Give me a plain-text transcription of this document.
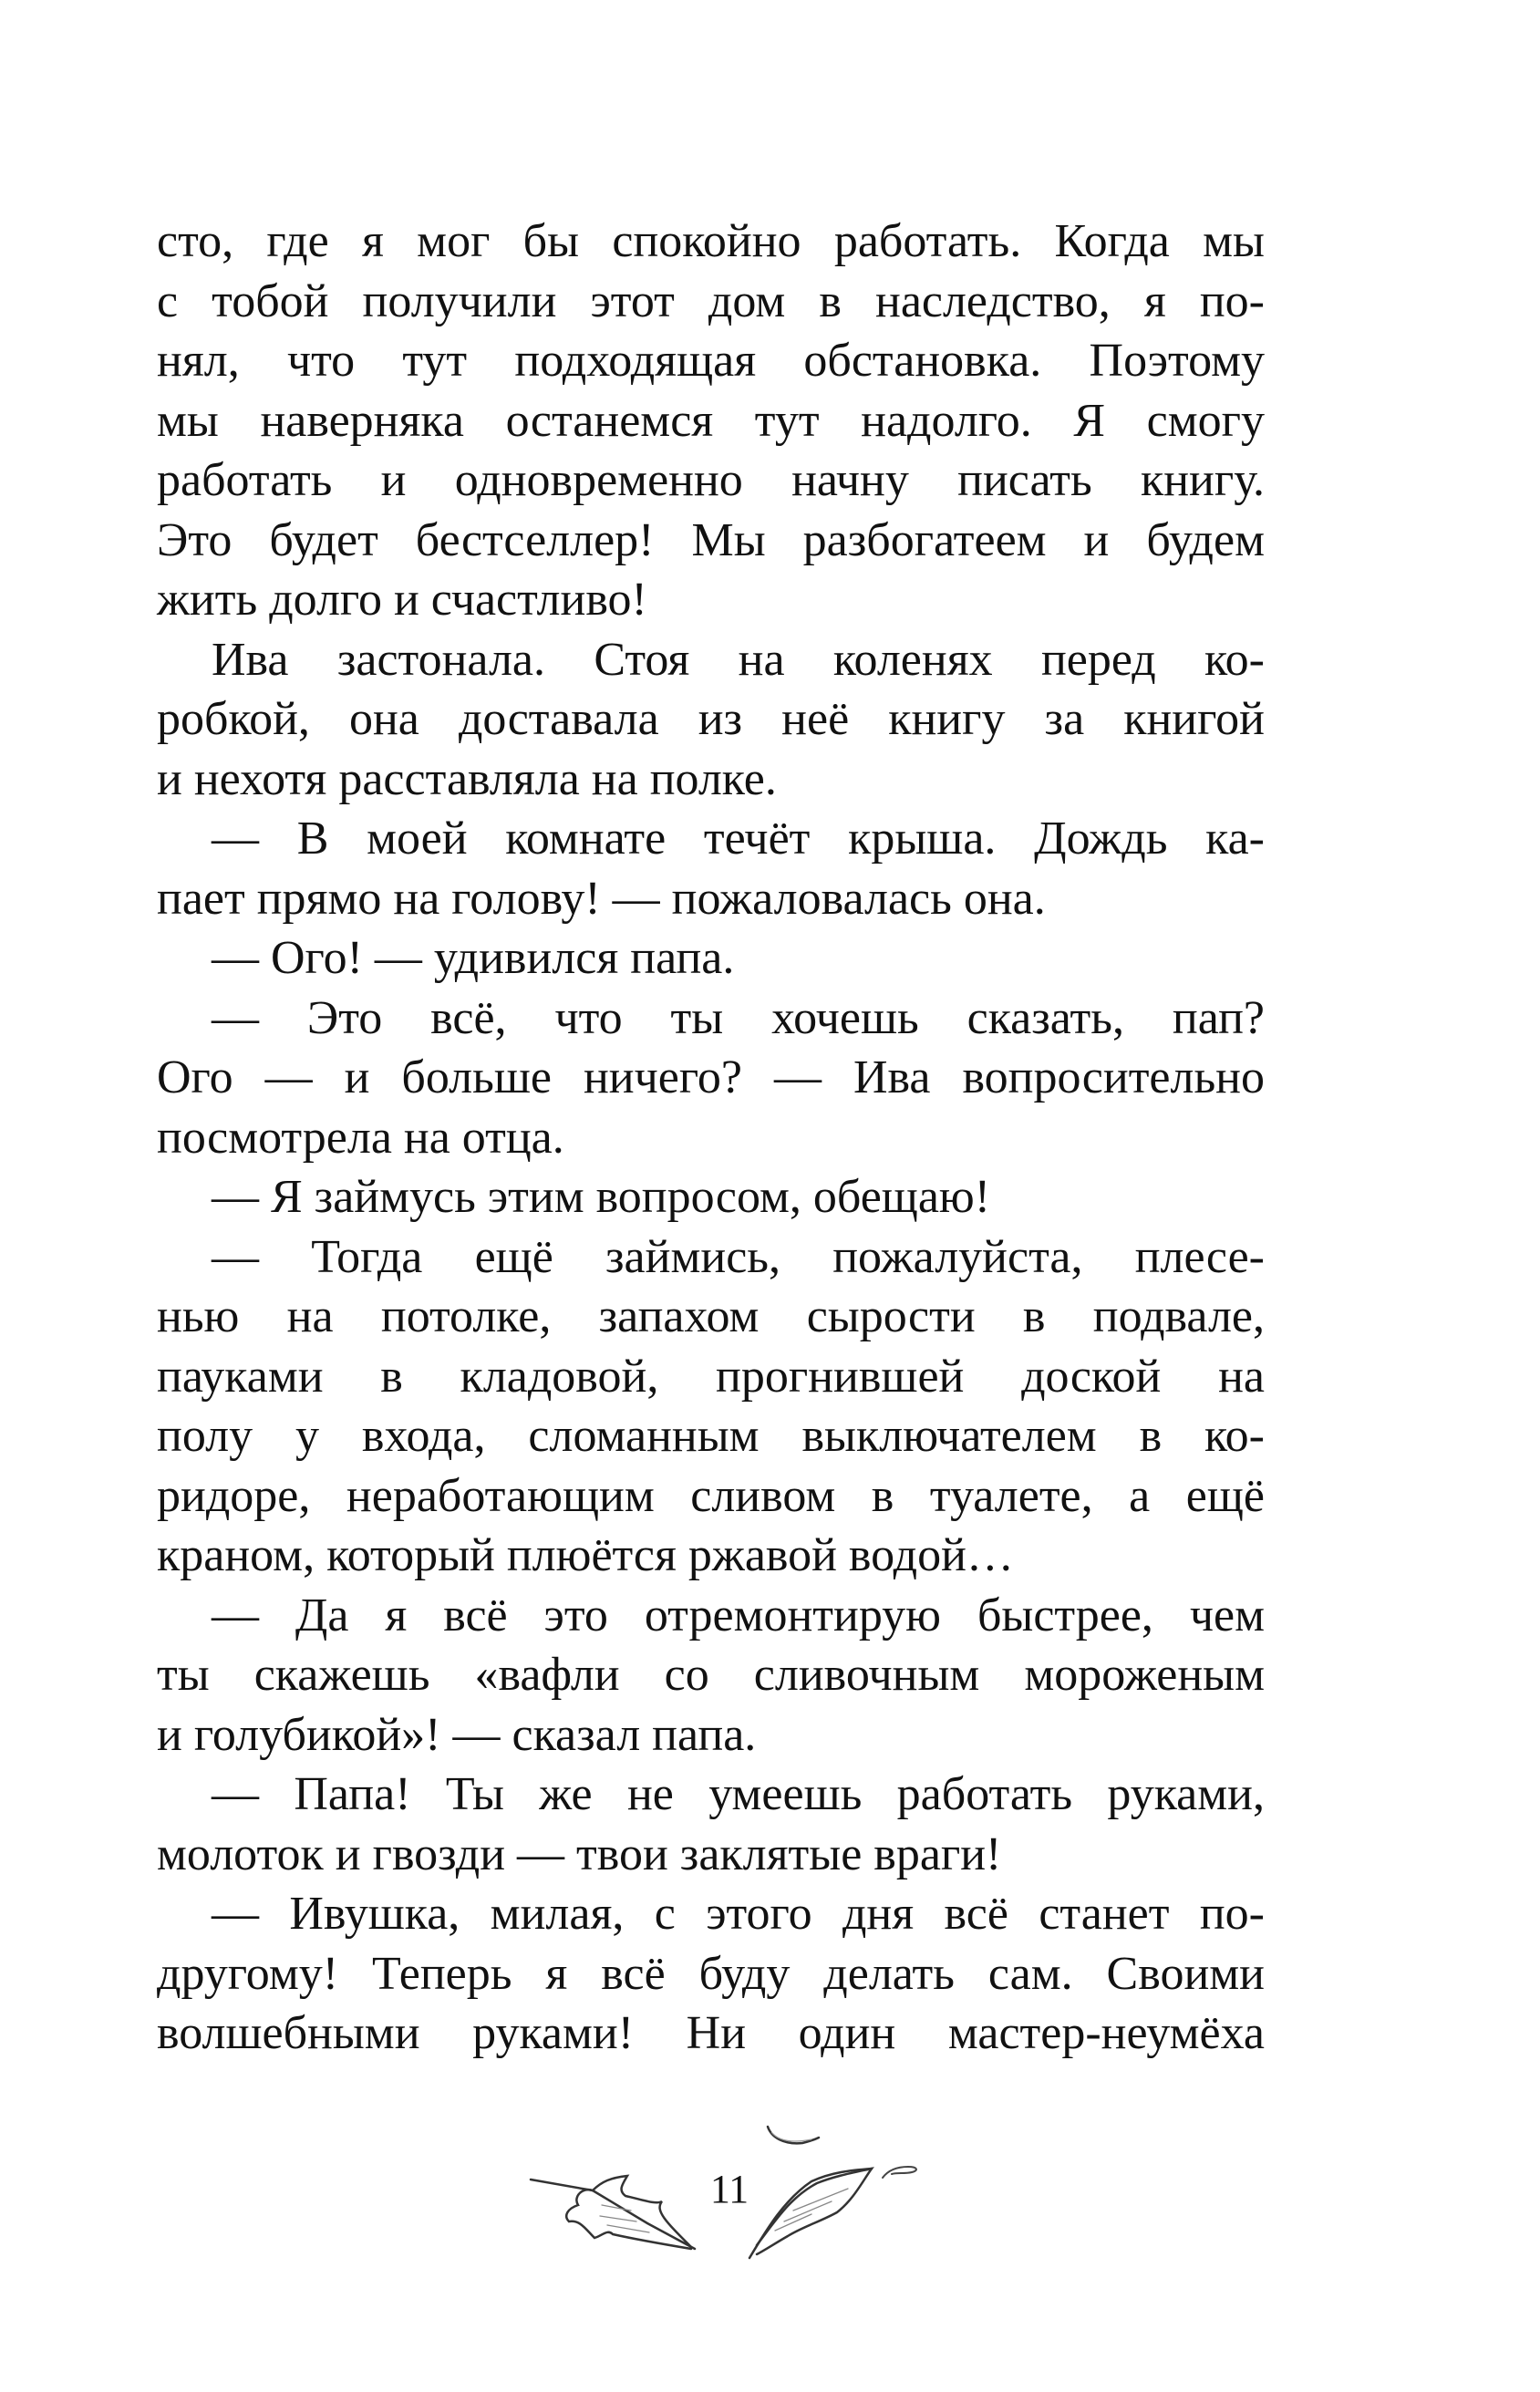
сто, где я мог бы спокойно работать. Когда мы
с тобой получили этот дом в наследство, я по-
нял, что тут подходящая обстановка. Поэтому
мы наверняка останемся тут надолго. Я смогу
работать и одновременно начну писать книгу.
Это будет бестселлер! Мы разбогатеем и будем
жить долго и счастливо!
Ива застонала. Стоя на коленях перед ко-
робкой, она доставала из неё книгу за книгой
и нехотя расставляла на полке.
— В моей комнате течёт крыша. Дождь ка-
пает прямо на голову! — пожаловалась она.
— Ого! — удивился папа.
— Это всё, что ты хочешь сказать, пап?
Ого — и больше ничего? — Ива вопросительно
посмотрела на отца.
— Я займусь этим вопросом, обещаю!
— Тогда ещё займись, пожалуйста, плесе-
нью на потолке, запахом сырости в подвале,
пауками в кладовой, прогнившей доской на
полу у входа, сломанным выключателем в ко-
ридоре, неработающим сливом в туалете, а ещё
краном, который плюётся ржавой водой…
— Да я всё это отремонтирую быстрее, чем
ты скажешь «вафли со сливочным мороженым
и голубикой»! — сказал папа.
— Папа! Ты же не умеешь работать руками,
молоток и гвозди — твои заклятые враги!
— Ивушка, милая, с этого дня всё станет по-
другому! Теперь я всё буду делать сам. Своими
волшебными руками! Ни один мастер-неумёха
11
